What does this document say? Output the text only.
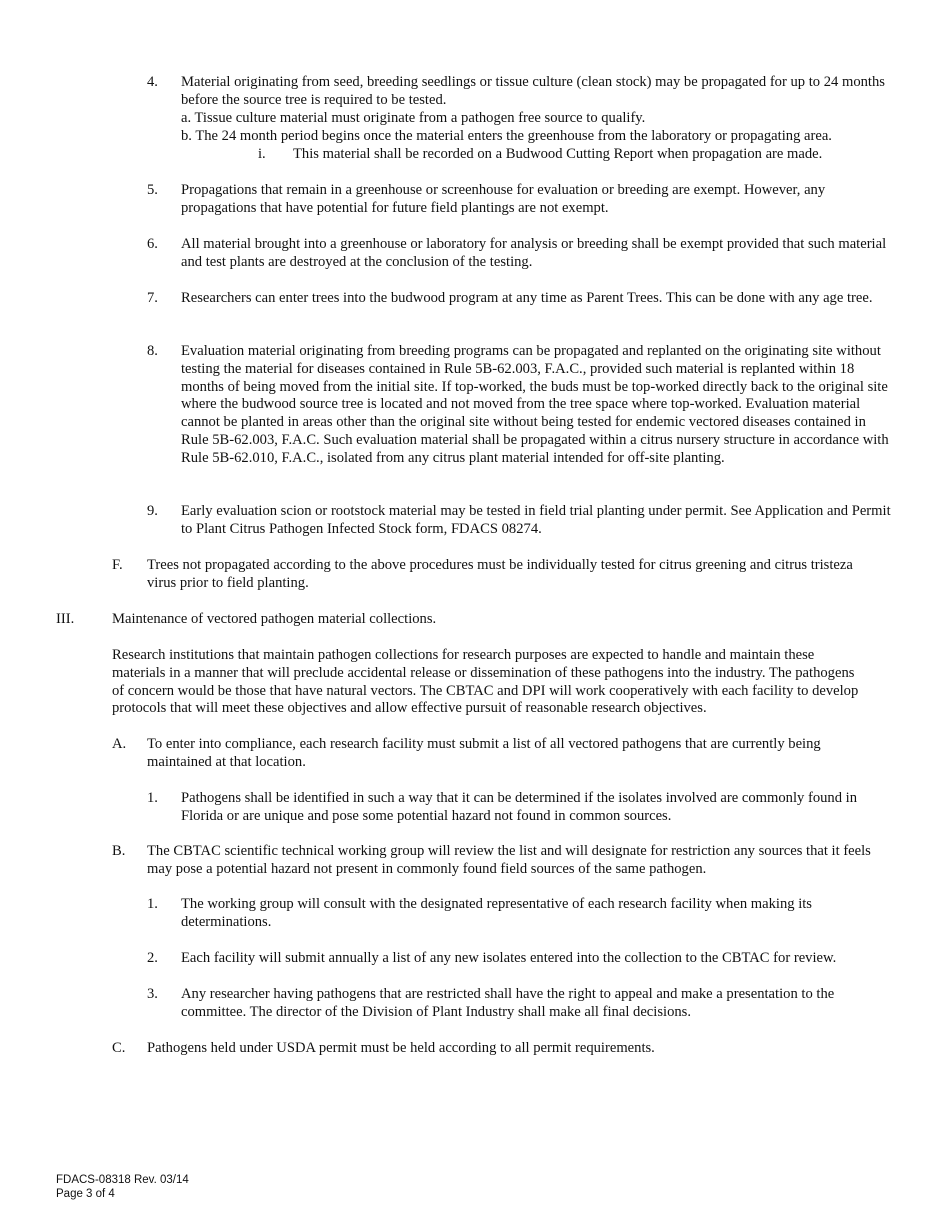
4. Material originating from seed, breeding seedlings or tissue culture (clean stock) may be propagated for up to 24 months before the source tree is required to be tested.
a. Tissue culture material must originate from a pathogen free source to qualify.
b. The 24 month period begins once the material enters the greenhouse from the laboratory or propagating area.
i. This material shall be recorded on a Budwood Cutting Report when propagation are made.
5. Propagations that remain in a greenhouse or screenhouse for evaluation or breeding are exempt. However, any propagations that have potential for future field plantings are not exempt.
6. All material brought into a greenhouse or laboratory for analysis or breeding shall be exempt provided that such material and test plants are destroyed at the conclusion of the testing.
7. Researchers can enter trees into the budwood program at any time as Parent Trees. This can be done with any age tree.
8. Evaluation material originating from breeding programs can be propagated and replanted on the originating site without testing the material for diseases contained in Rule 5B-62.003, F.A.C., provided such material is replanted within 18 months of being moved from the initial site. If top-worked, the buds must be top-worked directly back to the original site where the budwood source tree is located and not moved from the tree space where top-worked. Evaluation material cannot be planted in areas other than the original site without being tested for endemic vectored diseases contained in Rule 5B-62.003, F.A.C. Such evaluation material shall be propagated within a citrus nursery structure in accordance with Rule 5B-62.010, F.A.C., isolated from any citrus plant material intended for off-site planting.
9. Early evaluation scion or rootstock material may be tested in field trial planting under permit. See Application and Permit to Plant Citrus Pathogen Infected Stock form, FDACS 08274.
F. Trees not propagated according to the above procedures must be individually tested for citrus greening and citrus tristeza virus prior to field planting.
III.	Maintenance of vectored pathogen material collections.
Research institutions that maintain pathogen collections for research purposes are expected to handle and maintain these materials in a manner that will preclude accidental release or dissemination of these pathogens into the industry. The pathogens of concern would be those that have natural vectors. The CBTAC and DPI will work cooperatively with each facility to develop protocols that will meet these objectives and allow effective pursuit of reasonable research objectives.
A. To enter into compliance, each research facility must submit a list of all vectored pathogens that are currently being maintained at that location.
1. Pathogens shall be identified in such a way that it can be determined if the isolates involved are commonly found in Florida or are unique and pose some potential hazard not found in common sources.
B. The CBTAC scientific technical working group will review the list and will designate for restriction any sources that it feels may pose a potential hazard not present in commonly found field sources of the same pathogen.
1. The working group will consult with the designated representative of each research facility when making its determinations.
2. Each facility will submit annually a list of any new isolates entered into the collection to the CBTAC for review.
3. Any researcher having pathogens that are restricted shall have the right to appeal and make a presentation to the committee. The director of the Division of Plant Industry shall make all final decisions.
C. Pathogens held under USDA permit must be held according to all permit requirements.
FDACS-08318 Rev. 03/14
Page 3 of 4
